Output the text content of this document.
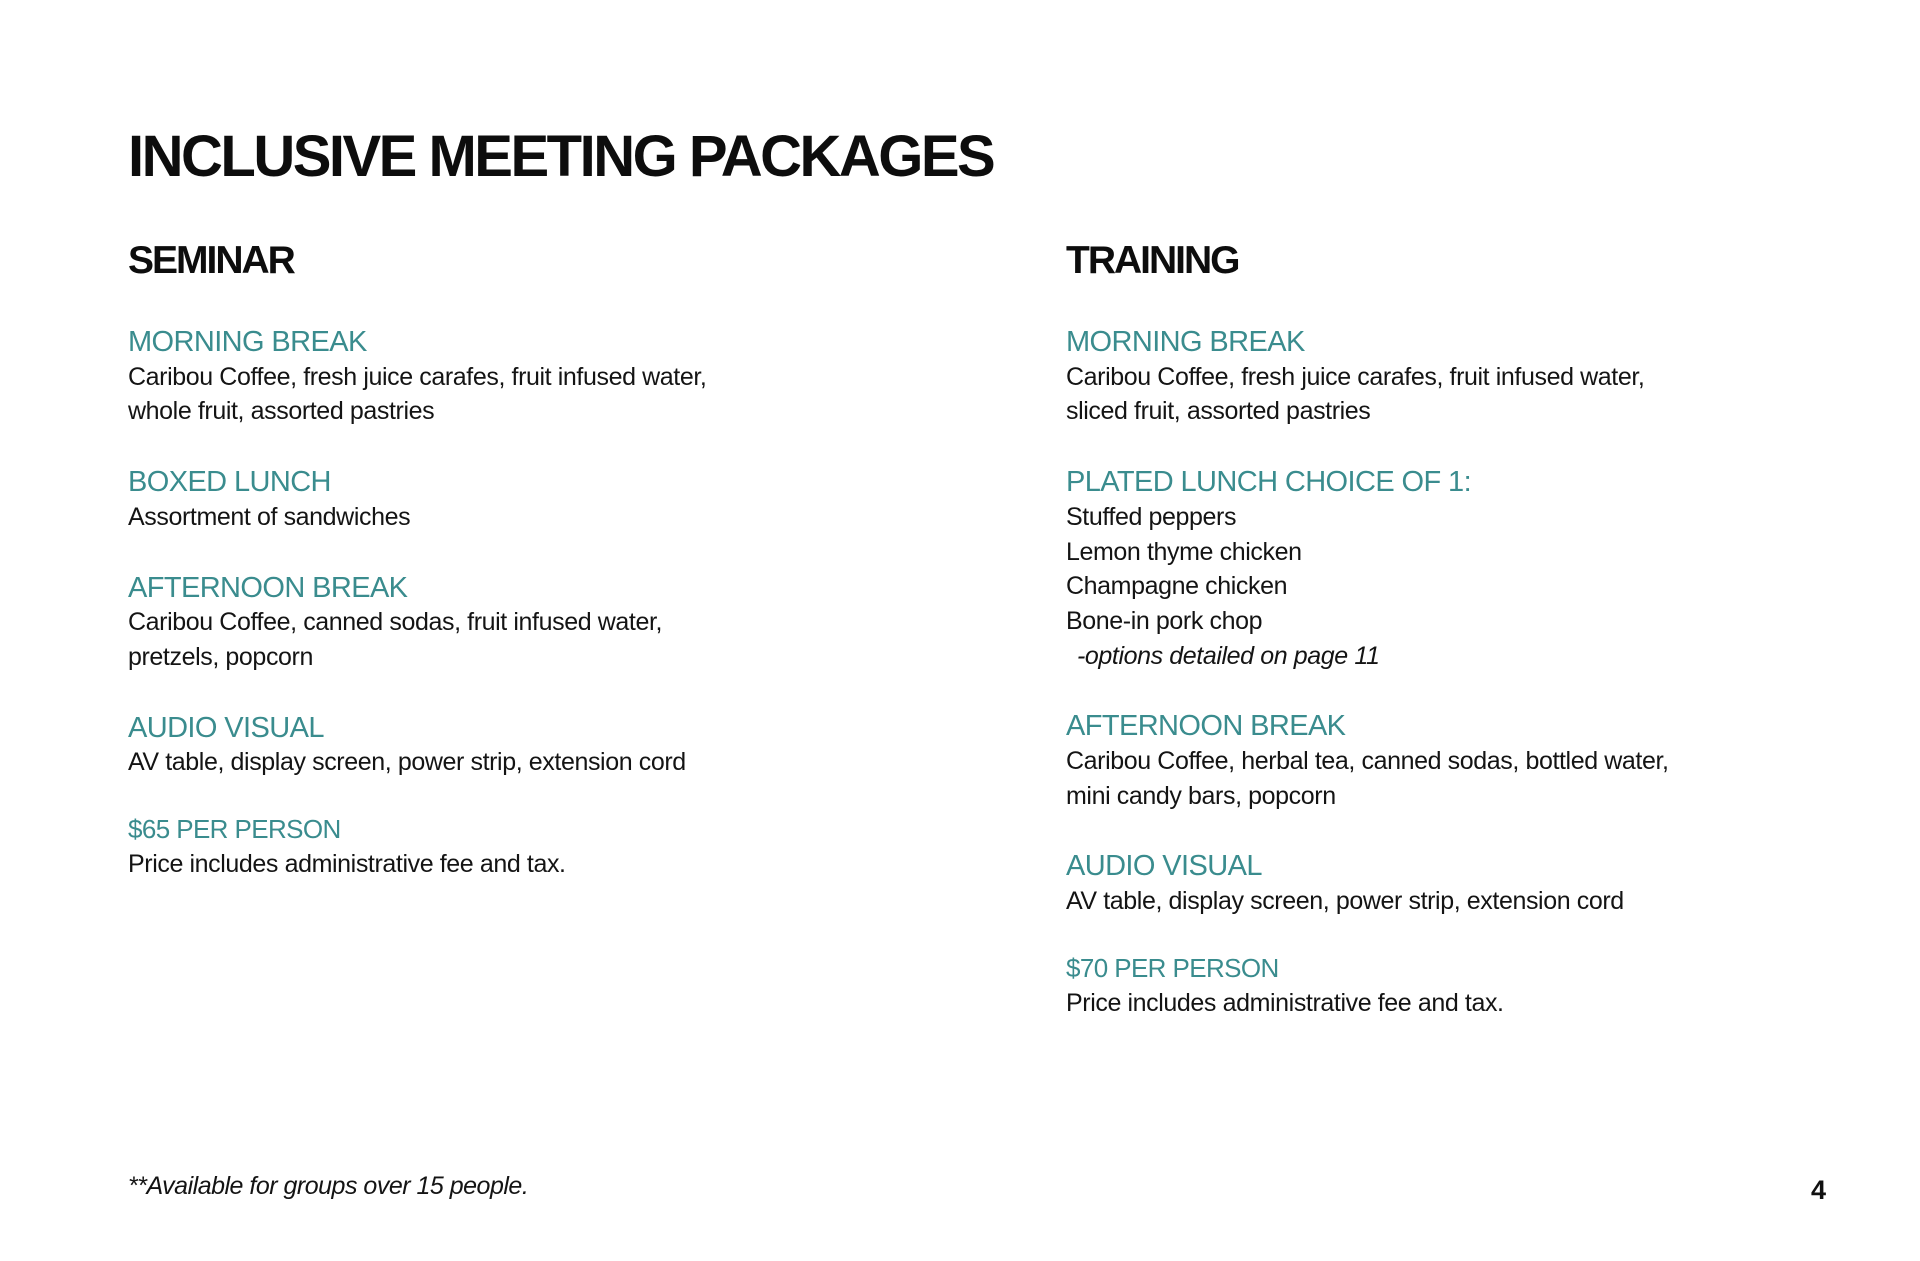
INCLUSIVE MEETING PACKAGES
SEMINAR
MORNING BREAK
Caribou Coffee, fresh juice carafes, fruit infused water,
whole fruit, assorted pastries
BOXED LUNCH
Assortment of sandwiches
AFTERNOON BREAK
Caribou Coffee, canned sodas, fruit infused water,
pretzels, popcorn
AUDIO VISUAL
AV table, display screen, power strip, extension cord
$65 PER PERSON
Price includes administrative fee and tax.
TRAINING
MORNING BREAK
Caribou Coffee, fresh juice carafes, fruit infused water,
sliced fruit, assorted pastries
PLATED LUNCH CHOICE OF 1:
Stuffed peppers
Lemon thyme chicken
Champagne chicken
Bone-in pork chop
-options detailed on page 11
AFTERNOON BREAK
Caribou Coffee, herbal tea, canned sodas, bottled water,
mini candy bars, popcorn
AUDIO VISUAL
AV table, display screen, power strip, extension cord
$70 PER PERSON
Price includes administrative fee and tax.
**Available for groups over 15 people.	4
